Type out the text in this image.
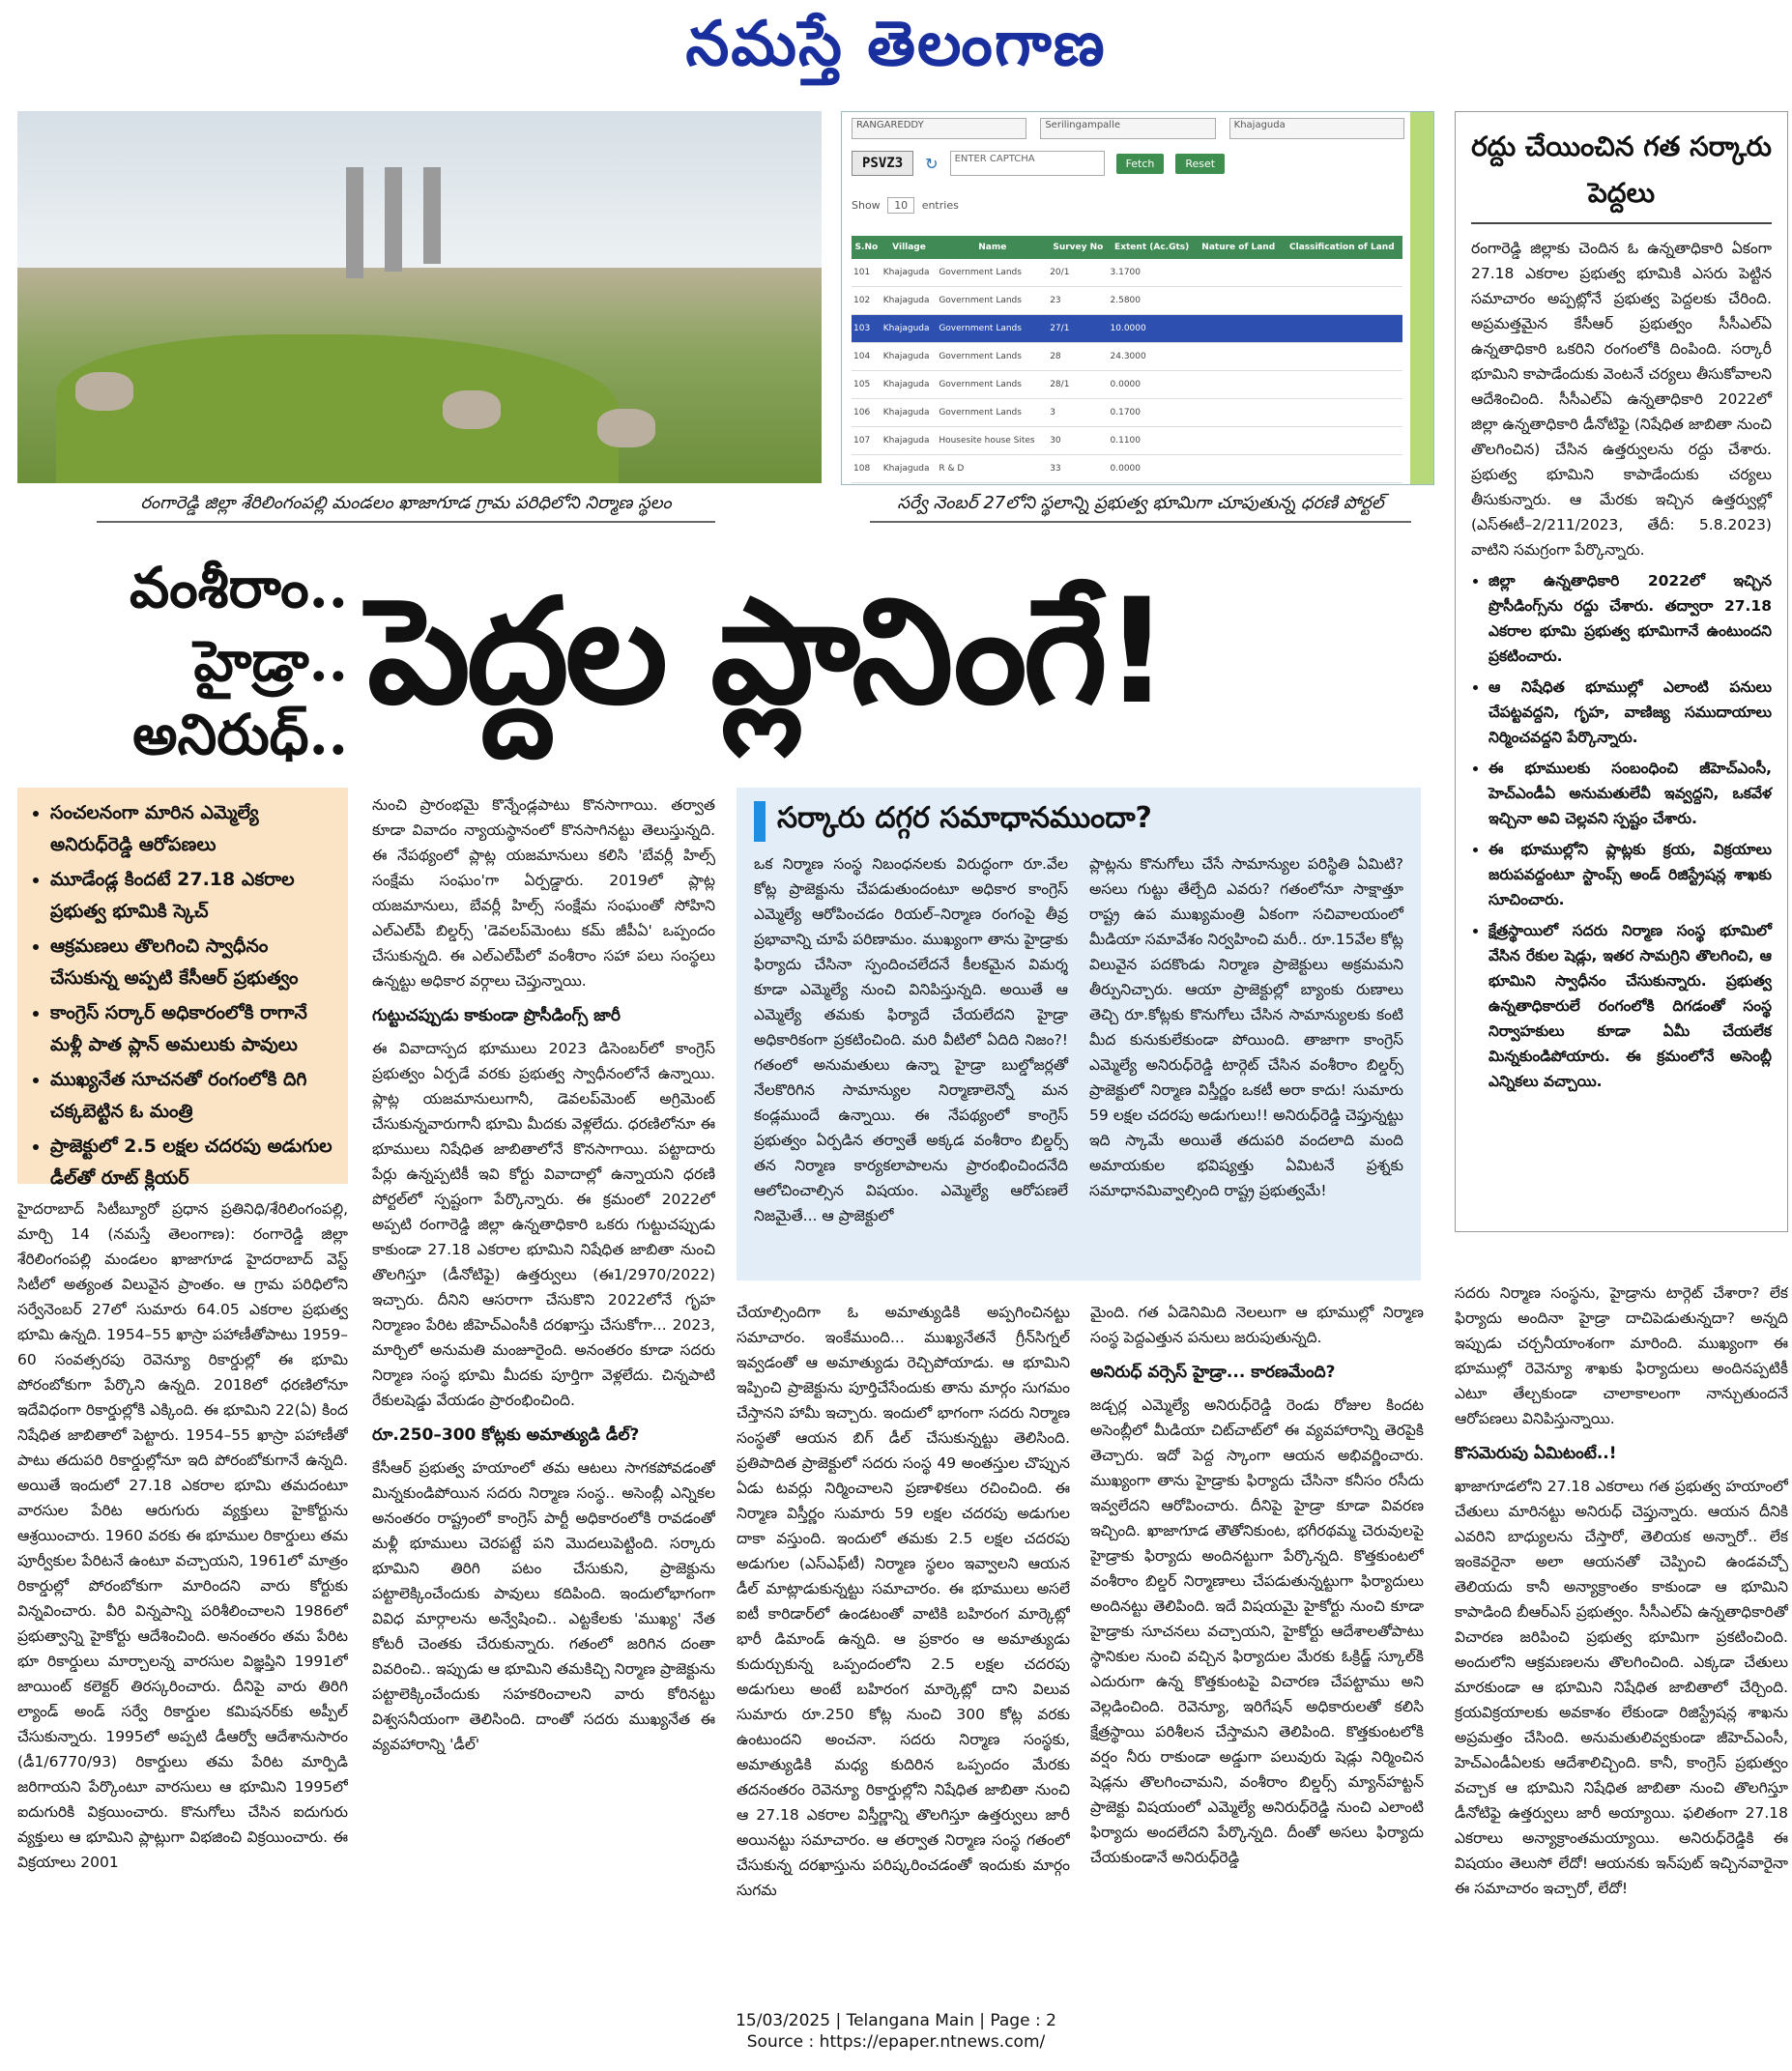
నమస్తే తెలంగాణ
రంగారెడ్డి జిల్లా శేరిలింగంపల్లి మండలం ఖాజాగూడ గ్రామ పరిధిలోని నిర్మాణ స్థలం
RANGAREDDY	Serilingampalle	Khajaguda
PSVZ3	↻	ENTER CAPTCHA	Fetch	Reset
Show 10 entries
S.No	Village	Name	Survey No	Extent (Ac.Gts)	Nature of Land	Classification of Land
101	Khajaguda	Government Lands	20/1	3.1700		
102	Khajaguda	Government Lands	23	2.5800		
103	Khajaguda	Government Lands	27/1	10.0000		
104	Khajaguda	Government Lands	28	24.3000		
105	Khajaguda	Government Lands	28/1	0.0000		
106	Khajaguda	Government Lands	3	0.1700		
107	Khajaguda	Housesite house Sites	30	0.1100		
108	Khajaguda	R & D	33	0.0000		
సర్వే నెంబర్ 27లోని స్థలాన్ని ప్రభుత్వ భూమిగా చూపుతున్న ధరణి పోర్టల్
వంశీరాం..
హైడ్రా..
అనిరుధ్.. పెద్దల ప్లానింగే!
• సంచలనంగా మారిన ఎమ్మెల్యే అనిరుధ్‌రెడ్డి ఆరోపణలు
• మూడేండ్ల కిందటే 27.18 ఎకరాల ప్రభుత్వ భూమికి స్కెచ్
• ఆక్రమణలు తొలగించి స్వాధీనం చేసుకున్న అప్పటి కేసీఆర్ ప్రభుత్వం
• కాంగ్రెస్ సర్కార్ అధికారంలోకి రాగానే మళ్లీ పాత ప్లాన్ అమలుకు పావులు
• ముఖ్యనేత సూచనతో రంగంలోకి దిగి చక్కబెట్టిన ఓ మంత్రి
• ప్రాజెక్టులో 2.5 లక్షల చదరపు అడుగుల డీల్‌తో రూట్ క్లియర్

హైదరాబాద్ సిటీబ్యూరో ప్రధాన ప్రతినిధి/శేరిలింగంపల్లి, మార్చి 14 (నమస్తే తెలంగాణ): రంగారెడ్డి జిల్లా శేరిలింగంపల్లి మండలం ఖాజాగూడ హైదరాబాద్ వెస్ట్ సిటీలో అత్యంత విలువైన ప్రాంతం. ఆ గ్రామ పరిధిలోని సర్వేనెంబర్ 27లో సుమారు 64.05 ఎకరాల ప్రభుత్వ భూమి ఉన్నది. 1954–55 ఖాస్రా పహాణీతోపాటు 1959–60 సంవత్సరపు రెవెన్యూ రికార్డుల్లో ఈ భూమి పోరంబోకుగా పేర్కొని ఉన్నది. 2018లో ధరణిలోనూ ఇదేవిధంగా రికార్డుల్లోకి ఎక్కింది. ఈ భూమిని 22(ఏ) కింద నిషేధిత జాబితాలో పెట్టారు. 1954–55 ఖాస్రా పహాణీతో పాటు తదుపరి రికార్డుల్లోనూ ఇది పోరంబోకుగానే ఉన్నది. అయితే ఇందులో 27.18 ఎకరాల భూమి తమదంటూ వారసుల పేరిట ఆరుగురు వ్యక్తులు హైకోర్టును ఆశ్రయించారు. 1960 వరకు ఈ భూముల రికార్డులు తమ పూర్వీకుల పేరిటనే ఉంటూ వచ్చాయని, 1961లో మాత్రం రికార్డుల్లో పోరంబోకుగా మారిందని వారు కోర్టుకు విన్నవించారు. వీరి విన్నపాన్ని పరిశీలించాలని 1986లో ప్రభుత్వాన్ని హైకోర్టు ఆదేశించింది. అనంతరం తమ పేరిట భూ రికార్డులు మార్చాలన్న వారసుల విజ్ఞప్తిని 1991లో జాయింట్ కలెక్టర్ తిరస్కరించారు. దీనిపై వారు తిరిగి ల్యాండ్ అండ్ సర్వే రికార్డుల కమిషనర్‌కు అప్పీల్ చేసుకున్నారు. 1995లో అప్పటి డీఆర్వో ఆదేశానుసారం (డీ1/6770/93) రికార్డులు తమ పేరిట మార్పిడి జరిగాయని పేర్కొంటూ వారసులు ఆ భూమిని 1995లో ఐదుగురికి విక్రయించారు. కొనుగోలు చేసిన ఐదుగురు వ్యక్తులు ఆ భూమిని ప్లాట్లుగా విభజించి విక్రయించారు. ఈ విక్రయాలు 2001

నుంచి ప్రారంభమై కొన్నేండ్లపాటు కొనసాగాయి. తర్వాత కూడా వివాదం న్యాయస్థానంలో కొనసాగినట్టు తెలుస్తున్నది. ఈ నేపథ్యంలో ప్లాట్ల యజమానులు కలిసి 'బేవర్లీ హిల్స్ సంక్షేమ సంఘం'గా ఏర్పడ్డారు. 2019లో ప్లాట్ల యజమానులు, బేవర్లీ హిల్స్ సంక్షేమ సంఘంతో సోహిని ఎల్ఎల్‌పీ బిల్డర్స్ 'డెవలప్‌మెంటు కమ్ జీపీఏ' ఒప్పందం చేసుకున్నది. ఈ ఎల్ఎల్‌పీలో వంశీరాం సహా పలు సంస్థలు ఉన్నట్టు అధికార వర్గాలు చెప్తున్నాయి.

గుట్టుచప్పుడు కాకుండా ప్రొసీడింగ్స్ జారీ

ఈ వివాదాస్పద భూములు 2023 డిసెంబర్‌లో కాంగ్రెస్ ప్రభుత్వం ఏర్పడే వరకు ప్రభుత్వ స్వాధీనంలోనే ఉన్నాయి. ప్లాట్ల యజమానులుగానీ, డెవలప్‌మెంట్ అగ్రిమెంట్ చేసుకున్నవారుగానీ భూమి మీదకు వెళ్లలేదు. ధరణిలోనూ ఈ భూములు నిషేధిత జాబితాలోనే కొనసాగాయి. పట్టాదారు పేర్లు ఉన్నప్పటికీ ఇవి కోర్టు వివాదాల్లో ఉన్నాయని ధరణి పోర్టల్‌లో స్పష్టంగా పేర్కొన్నారు. ఈ క్రమంలో 2022లో అప్పటి రంగారెడ్డి జిల్లా ఉన్నతాధికారి ఒకరు గుట్టుచప్పుడు కాకుండా 27.18 ఎకరాల భూమిని నిషేధిత జాబితా నుంచి తొలగిస్తూ (డీనోటిఫై) ఉత్తర్వులు (ఈ1/2970/2022) ఇచ్చారు. దీనిని ఆసరాగా చేసుకొని 2022లోనే గృహ నిర్మాణం పేరిట జీహెచ్ఎంసీకి దరఖాస్తు చేసుకోగా... 2023, మార్చిలో అనుమతి మంజూరైంది. అనంతరం కూడా సదరు నిర్మాణ సంస్థ భూమి మీదకు పూర్తిగా వెళ్లలేదు. చిన్నపాటి రేకులషెడ్డు వేయడం ప్రారంభించింది.

రూ.250–300 కోట్లకు అమాత్యుడి డీల్?

కేసీఆర్ ప్రభుత్వ హయాంలో తమ ఆటలు సాగకపోవడంతో మిన్నకుండిపోయిన సదరు నిర్మాణ సంస్థ.. అసెంబ్లీ ఎన్నికల అనంతరం రాష్ట్రంలో కాంగ్రెస్ పార్టీ అధికారంలోకి రావడంతో మళ్లీ భూములు చెరపట్టే పని మొదలుపెట్టింది. సర్కారు భూమిని తిరిగి పటం చేసుకుని, ప్రాజెక్టును పట్టాలెక్కించేందుకు పావులు కదిపింది. ఇందులోభాగంగా వివిధ మార్గాలను అన్వేషించి.. ఎట్టకేలకు 'ముఖ్య' నేత కోటరీ చెంతకు చేరుకున్నారు. గతంలో జరిగిన దంతా వివరించి.. ఇప్పుడు ఆ భూమిని తమకిచ్చి నిర్మాణ ప్రాజెక్టును పట్టాలెక్కించేందుకు సహకరించాలని వారు కోరినట్టు విశ్వసనీయంగా తెలిసింది. దాంతో సదరు ముఖ్యనేత ఈ వ్యవహారాన్ని 'డీల్'

సర్కారు దగ్గర సమాధానముందా?

ఒక నిర్మాణ సంస్థ నిబంధనలకు విరుద్ధంగా రూ.వేల కోట్ల ప్రాజెక్టును చేపడుతుందంటూ అధికార కాంగ్రెస్ ఎమ్మెల్యే ఆరోపించడం రియల్–నిర్మాణ రంగంపై తీవ్ర ప్రభావాన్ని చూపే పరిణామం. ముఖ్యంగా తాను హైడ్రాకు ఫిర్యాదు చేసినా స్పందించలేదనే కీలకమైన విమర్శ కూడా ఎమ్మెల్యే నుంచి వినిపిస్తున్నది. అయితే ఆ ఎమ్మెల్యే తమకు ఫిర్యాదే చేయలేదని హైడ్రా అధికారికంగా ప్రకటించింది. మరి వీటిలో ఏదిది నిజం?! గతంలో అనుమతులు ఉన్నా హైడ్రా బుల్డోజర్లతో నేలకొరిగిన సామాన్యుల నిర్మాణాలెన్నో మన కండ్లముందే ఉన్నాయి. ఈ నేపథ్యంలో కాంగ్రెస్ ప్రభుత్వం ఏర్పడిన తర్వాతే అక్కడ వంశీరాం బిల్డర్స్ తన నిర్మాణ కార్యకలాపాలను ప్రారంభించిందనేది ఆలోచించాల్సిన విషయం. ఎమ్మెల్యే ఆరోపణలే నిజమైతే... ఆ ప్రాజెక్టులో

ప్లాట్లను కొనుగోలు చేసే సామాన్యుల పరిస్థితి ఏమిటి? అసలు గుట్టు తేల్చేది ఎవరు? గతంలోనూ సాక్షాత్తూ రాష్ట్ర ఉప ముఖ్యమంత్రి ఏకంగా సచివాలయంలో మీడియా సమావేశం నిర్వహించి మరీ.. రూ.15వేల కోట్ల విలువైన పదకొండు నిర్మాణ ప్రాజెక్టులు అక్రమమని తీర్పునిచ్చారు. ఆయా ప్రాజెక్టుల్లో బ్యాంకు రుణాలు తెచ్చి రూ.కోట్లకు కొనుగోలు చేసిన సామాన్యులకు కంటి మీద కునుకులేకుండా పోయింది. తాజాగా కాంగ్రెస్ ఎమ్మెల్యే అనిరుధ్‌రెడ్డి టార్గెట్ చేసిన వంశీరాం బిల్డర్స్ ప్రాజెక్టులో నిర్మాణ విస్తీర్ణం ఒకటీ అరా కాదు! సుమారు 59 లక్షల చదరపు అడుగులు!! అనిరుధ్‌రెడ్డి చెప్తున్నట్టు ఇది స్కామే అయితే తదుపరి వందలాది మంది అమాయకుల భవిష్యత్తు ఏమిటనే ప్రశ్నకు సమాధానమివ్వాల్సింది రాష్ట్ర ప్రభుత్వమే!

చేయాల్సిందిగా ఓ అమాత్యుడికి అప్పగించినట్టు సమాచారం. ఇంకేముంది... ముఖ్యనేతనే గ్రీన్‌సిగ్నల్ ఇవ్వడంతో ఆ అమాత్యుడు రెచ్చిపోయాడు. ఆ భూమిని ఇప్పించి ప్రాజెక్టును పూర్తిచేసేందుకు తాను మార్గం సుగమం చేస్తానని హామీ ఇచ్చారు. ఇందులో భాగంగా సదరు నిర్మాణ సంస్థతో ఆయన బిగ్ డీల్ చేసుకున్నట్టు తెలిసింది. ప్రతిపాదిత ప్రాజెక్టులో సదరు సంస్థ 49 అంతస్తుల చొప్పున ఏడు టవర్లు నిర్మించాలని ప్రణాళికలు రచించింది. ఈ నిర్మాణ విస్తీర్ణం సుమారు 59 లక్షల చదరపు అడుగుల దాకా వస్తుంది. ఇందులో తమకు 2.5 లక్షల చదరపు అడుగుల (ఎస్ఎఫ్‌టీ) నిర్మాణ స్థలం ఇవ్వాలని ఆయన డీల్ మాట్లాడుకున్నట్టు సమాచారం. ఈ భూములు అసలే ఐటీ కారిడార్‌లో ఉండటంతో వాటికి బహిరంగ మార్కెట్లో భారీ డిమాండ్ ఉన్నది. ఆ ప్రకారం ఆ అమాత్యుడు కుదుర్చుకున్న ఒప్పందంలోని 2.5 లక్షల చదరపు అడుగులు అంటే బహిరంగ మార్కెట్లో దాని విలువ సుమారు రూ.250 కోట్ల నుంచి 300 కోట్ల వరకు ఉంటుందని అంచనా. సదరు నిర్మాణ సంస్థకు, అమాత్యుడికి మధ్య కుదిరిన ఒప్పందం మేరకు తదనంతరం రెవెన్యూ రికార్డుల్లోని నిషేధిత జాబితా నుంచి ఆ 27.18 ఎకరాల విస్తీర్ణాన్ని తొలగిస్తూ ఉత్తర్వులు జారీ అయినట్టు సమాచారం. ఆ తర్వాత నిర్మాణ సంస్థ గతంలో చేసుకున్న దరఖాస్తును పరిష్కరించడంతో ఇందుకు మార్గం సుగమ

మైంది. గత ఏడెనిమిది నెలలుగా ఆ భూముల్లో నిర్మాణ సంస్థ పెద్దఎత్తున పనులు జరుపుతున్నది.

అనిరుధ్ వర్సెస్ హైడ్రా... కారణమేంది?

జడ్చర్ల ఎమ్మెల్యే అనిరుధ్‌రెడ్డి రెండు రోజుల కిందట అసెంబ్లీలో మీడియా చిట్‌చాట్‌లో ఈ వ్యవహారాన్ని తెరపైకి తెచ్చారు. ఇదో పెద్ద స్కాంగా ఆయన అభివర్ణించారు. ముఖ్యంగా తాను హైడ్రాకు ఫిర్యాదు చేసినా కనీసం రసీదు ఇవ్వలేదని ఆరోపించారు. దీనిపై హైడ్రా కూడా వివరణ ఇచ్చింది. ఖాజాగూడ తౌతోనికుంట, భగీరథమ్మ చెరువులపై హైడ్రాకు ఫిర్యాదు అందినట్టుగా పేర్కొన్నది. కొత్తకుంటలో వంశీరాం బిల్డర్ నిర్మాణాలు చేపడుతున్నట్టుగా ఫిర్యాదులు అందినట్టు తెలిపింది. ఇదే విషయమై హైకోర్టు నుంచి కూడా హైడ్రాకు సూచనలు వచ్చాయని, హైకోర్టు ఆదేశాలతోపాటు స్థానికుల నుంచి వచ్చిన ఫిర్యాదుల మేరకు ఓక్రిడ్జ్ స్కూల్‌కి ఎదురుగా ఉన్న కొత్తకుంటపై విచారణ చేపట్టాము అని వెల్లడించింది. రెవెన్యూ, ఇరిగేషన్ అధికారులతో కలిసి క్షేత్రస్థాయి పరిశీలన చేస్తామని తెలిపింది. కొత్తకుంటలోకి వర్షం నీరు రాకుండా అడ్డుగా పలువురు షెడ్లు నిర్మించిన షెడ్లను తొలగించామని, వంశీరాం బిల్డర్స్ మ్యాన్‌హట్టన్ ప్రాజెక్టు విషయంలో ఎమ్మెల్యే అనిరుధ్‌రెడ్డి నుంచి ఎలాంటి ఫిర్యాదు అందలేదని పేర్కొన్నది. దీంతో అసలు ఫిర్యాదు చేయకుండానే అనిరుధ్‌రెడ్డి

రద్దు చేయించిన గత సర్కారు పెద్దలు

రంగారెడ్డి జిల్లాకు చెందిన ఓ ఉన్నతాధికారి ఏకంగా 27.18 ఎకరాల ప్రభుత్వ భూమికి ఎసరు పెట్టిన సమాచారం అప్పట్లోనే ప్రభుత్వ పెద్దలకు చేరింది. అప్రమత్తమైన కేసీఆర్ ప్రభుత్వం సీసీఎల్ఏ ఉన్నతాధికారి ఒకరిని రంగంలోకి దింపింది. సర్కారీ భూమిని కాపాడేందుకు వెంటనే చర్యలు తీసుకోవాలని ఆదేశించింది. సీసీఎల్ఏ ఉన్నతాధికారి 2022లో జిల్లా ఉన్నతాధికారి డీనోటిఫై (నిషేధిత జాబితా నుంచి తొలగించిన) చేసిన ఉత్తర్వులను రద్దు చేశారు. ప్రభుత్వ భూమిని కాపాడేందుకు చర్యలు తీసుకున్నారు. ఆ మేరకు ఇచ్చిన ఉత్తర్వుల్లో (ఎస్‌ఈటీ–2/211/2023, తేదీ: 5.8.2023) వాటిని సమగ్రంగా పేర్కొన్నారు.

• జిల్లా ఉన్నతాధికారి 2022లో ఇచ్చిన ప్రొసీడింగ్స్‌ను రద్దు చేశారు. తద్వారా 27.18 ఎకరాల భూమి ప్రభుత్వ భూమిగానే ఉంటుందని ప్రకటించారు.
• ఆ నిషేధిత భూముల్లో ఎలాంటి పనులు చేపట్టవద్దని, గృహ, వాణిజ్య సముదాయాలు నిర్మించవద్దని పేర్కొన్నారు.
• ఈ భూములకు సంబంధించి జీహెచ్ఎంసీ, హెచ్ఎండీఏ అనుమతులేవీ ఇవ్వద్దని, ఒకవేళ ఇచ్చినా అవి చెల్లవని స్పష్టం చేశారు.
• ఈ భూముల్లోని ప్లాట్లకు క్రయ, విక్రయాలు జరుపవద్దంటూ స్టాంప్స్ అండ్ రిజిస్ట్రేషన్ల శాఖకు సూచించారు.
• క్షేత్రస్థాయిలో సదరు నిర్మాణ సంస్థ భూమిలో వేసిన రేకుల షెడ్లు, ఇతర సామగ్రిని తొలగించి, ఆ భూమిని స్వాధీనం చేసుకున్నారు. ప్రభుత్వ ఉన్నతాధికారులే రంగంలోకి దిగడంతో సంస్థ నిర్వాహకులు కూడా ఏమీ చేయలేక మిన్నకుండిపోయారు. ఈ క్రమంలోనే అసెంబ్లీ ఎన్నికలు వచ్చాయి.

సదరు నిర్మాణ సంస్థను, హైడ్రాను టార్గెట్ చేశారా? లేక ఫిర్యాదు అందినా హైడ్రా దాచిపెడుతున్నదా? అన్నది ఇప్పుడు చర్చనీయాంశంగా మారింది. ముఖ్యంగా ఈ భూముల్లో రెవెన్యూ శాఖకు ఫిర్యాదులు అందినప్పటికీ ఎటూ తేల్చకుండా చాలాకాలంగా నాన్చుతుందనే ఆరోపణలు వినిపిస్తున్నాయి.

కొసమెరుపు ఏమిటంటే..!

ఖాజాగూడలోని 27.18 ఎకరాలు గత ప్రభుత్వ హయాంలో చేతులు మారినట్టు అనిరుధ్ చెప్తున్నారు. ఆయన దీనికి ఎవరిని బాధ్యులను చేస్తారో, తెలియక అన్నారో.. లేక ఇంకెవరైనా అలా ఆయనతో చెప్పించి ఉండవచ్చో తెలియదు కానీ అన్యాక్రాంతం కాకుండా ఆ భూమిని కాపాడింది బీఆర్ఎస్ ప్రభుత్వం. సీసీఎల్ఏ ఉన్నతాధికారితో విచారణ జరిపించి ప్రభుత్వ భూమిగా ప్రకటించింది. అందులోని ఆక్రమణలను తొలగించింది. ఎక్కడా చేతులు మారకుండా ఆ భూమిని నిషేధిత జాబితాలో చేర్చింది. క్రయవిక్రయాలకు అవకాశం లేకుండా రిజిస్ట్రేషన్ల శాఖను అప్రమత్తం చేసింది. అనుమతులివ్వకుండా జీహెచ్ఎంసీ, హెచ్ఎండీఏలకు ఆదేశాలిచ్చింది. కానీ, కాంగ్రెస్ ప్రభుత్వం వచ్చాక ఆ భూమిని నిషేధిత జాబితా నుంచి తొలగిస్తూ డీనోటిఫై ఉత్తర్వులు జారీ అయ్యాయి. ఫలితంగా 27.18 ఎకరాలు అన్యాక్రాంతమయ్యాయి. అనిరుధ్‌రెడ్డికి ఈ విషయం తెలుసో లేదో! ఆయనకు ఇన్‌పుట్ ఇచ్చినవారైనా ఈ సమాచారం ఇచ్చారో, లేదో!

15/03/2025 | Telangana Main | Page : 2
Source : https://epaper.ntnews.com/
